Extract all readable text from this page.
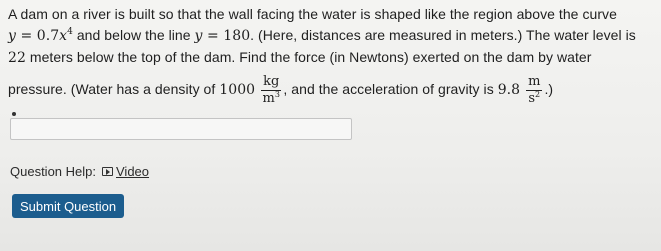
A dam on a river is built so that the wall facing the water is shaped like the region above the curve
$y = 0.7x^4$ and below the line y = 180. (Here, distances are measured in meters.) The water level is
22 meters below the top of the dam. Find the force (in Newtons) exerted on the dam by water
pressure. (Water has a density of $1000 \frac{kg}{m^3}$ , and the acceleration of gravity is $9.8 \frac{m}{s^2}$ .)
Question Help: Video
Submit Question
